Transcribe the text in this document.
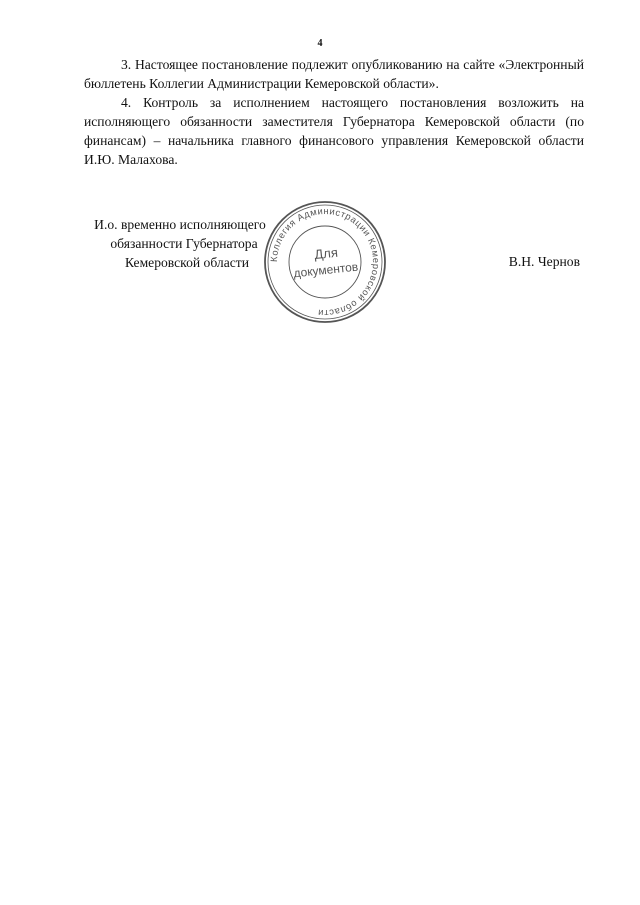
4

3. Настоящее постановление подлежит опубликованию на сайте «Электронный бюллетень Коллегии Администрации Кемеровской области».

4. Контроль за исполнением настоящего постановления возложить на исполняющего обязанности заместителя Губернатора Кемеровской области (по финансам) – начальника главного финансового управления Кемеровской области И.Ю. Малахова.

И.о. временно исполняющего
обязанности Губернатора
Кемеровской области	Коллегия Администрации Кемеровской области
Для
документов	В.Н. Чернов
